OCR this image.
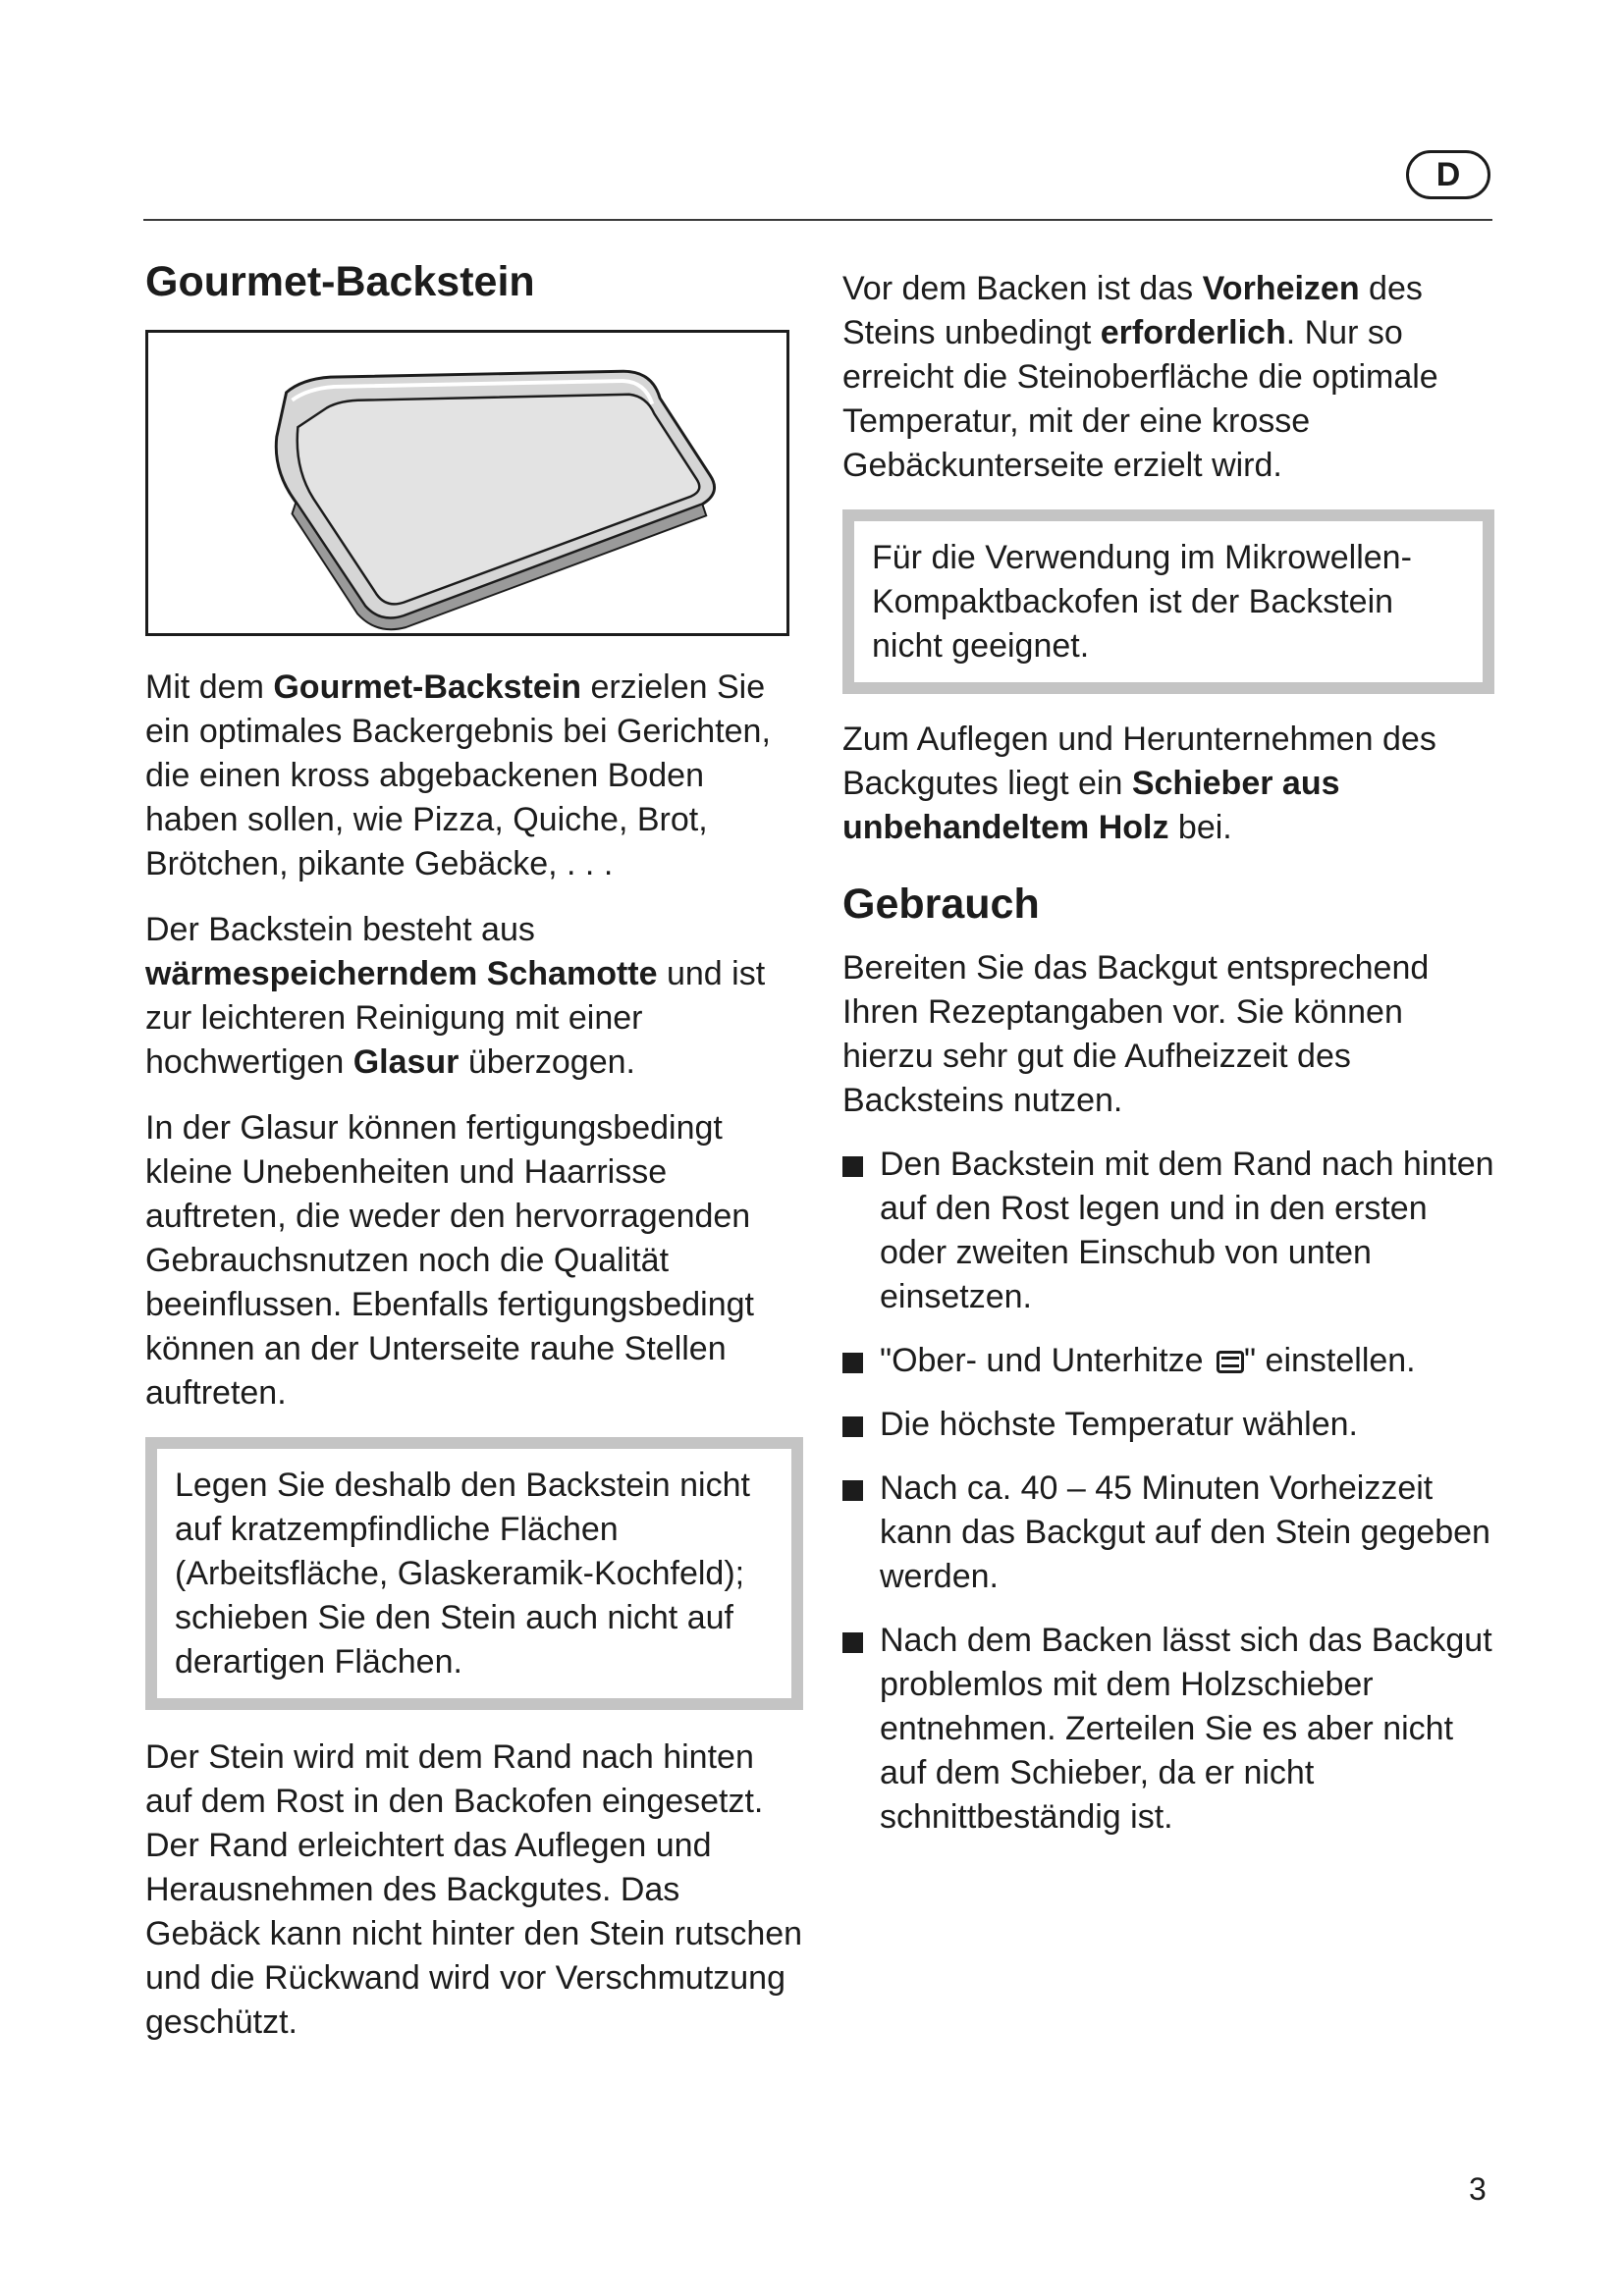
D
Gourmet-Backstein

Mit dem Gourmet-Backstein erzielen Sie ein optimales Backergebnis bei Gerichten, die einen kross abgebackenen Boden haben sollen, wie Pizza, Quiche, Brot, Brötchen, pikante Gebäcke, . . .

Der Backstein besteht aus wärmespeicherndem Schamotte und ist zur leichteren Reinigung mit einer hochwertigen Glasur überzogen.

In der Glasur können fertigungsbedingt kleine Unebenheiten und Haarrisse auftreten, die weder den hervorragenden Gebrauchsnutzen noch die Qualität beeinflussen. Ebenfalls fertigungsbedingt können an der Unterseite rauhe Stellen auftreten.

Legen Sie deshalb den Backstein nicht auf kratzempfindliche Flächen (Arbeitsfläche, Glaskeramik-Kochfeld); schieben Sie den Stein auch nicht auf derartigen Flächen.

Der Stein wird mit dem Rand nach hinten auf dem Rost in den Backofen eingesetzt. Der Rand erleichtert das Auflegen und Herausnehmen des Backgutes. Das Gebäck kann nicht hinter den Stein rutschen und die Rückwand wird vor Verschmutzung geschützt.

Vor dem Backen ist das Vorheizen des Steins unbedingt erforderlich. Nur so erreicht die Steinoberfläche die optimale Temperatur, mit der eine krosse Gebäckunterseite erzielt wird.

Für die Verwendung im Mikrowellen-Kompaktbackofen ist der Backstein nicht geeignet.

Zum Auflegen und Herunternehmen des Backgutes liegt ein Schieber aus unbehandeltem Holz bei.

Gebrauch

Bereiten Sie das Backgut entsprechend Ihren Rezeptangaben vor. Sie können hierzu sehr gut die Aufheizzeit des Backsteins nutzen.

Den Backstein mit dem Rand nach hinten auf den Rost legen und in den ersten oder zweiten Einschub von unten einsetzen.
"Ober- und Unterhitze " einstellen.
Die höchste Temperatur wählen.
Nach ca. 40 – 45 Minuten Vorheizzeit kann das Backgut auf den Stein gegeben werden.
Nach dem Backen lässt sich das Backgut problemlos mit dem Holzschieber entnehmen. Zerteilen Sie es aber nicht auf dem Schieber, da er nicht schnittbeständig ist.
3
